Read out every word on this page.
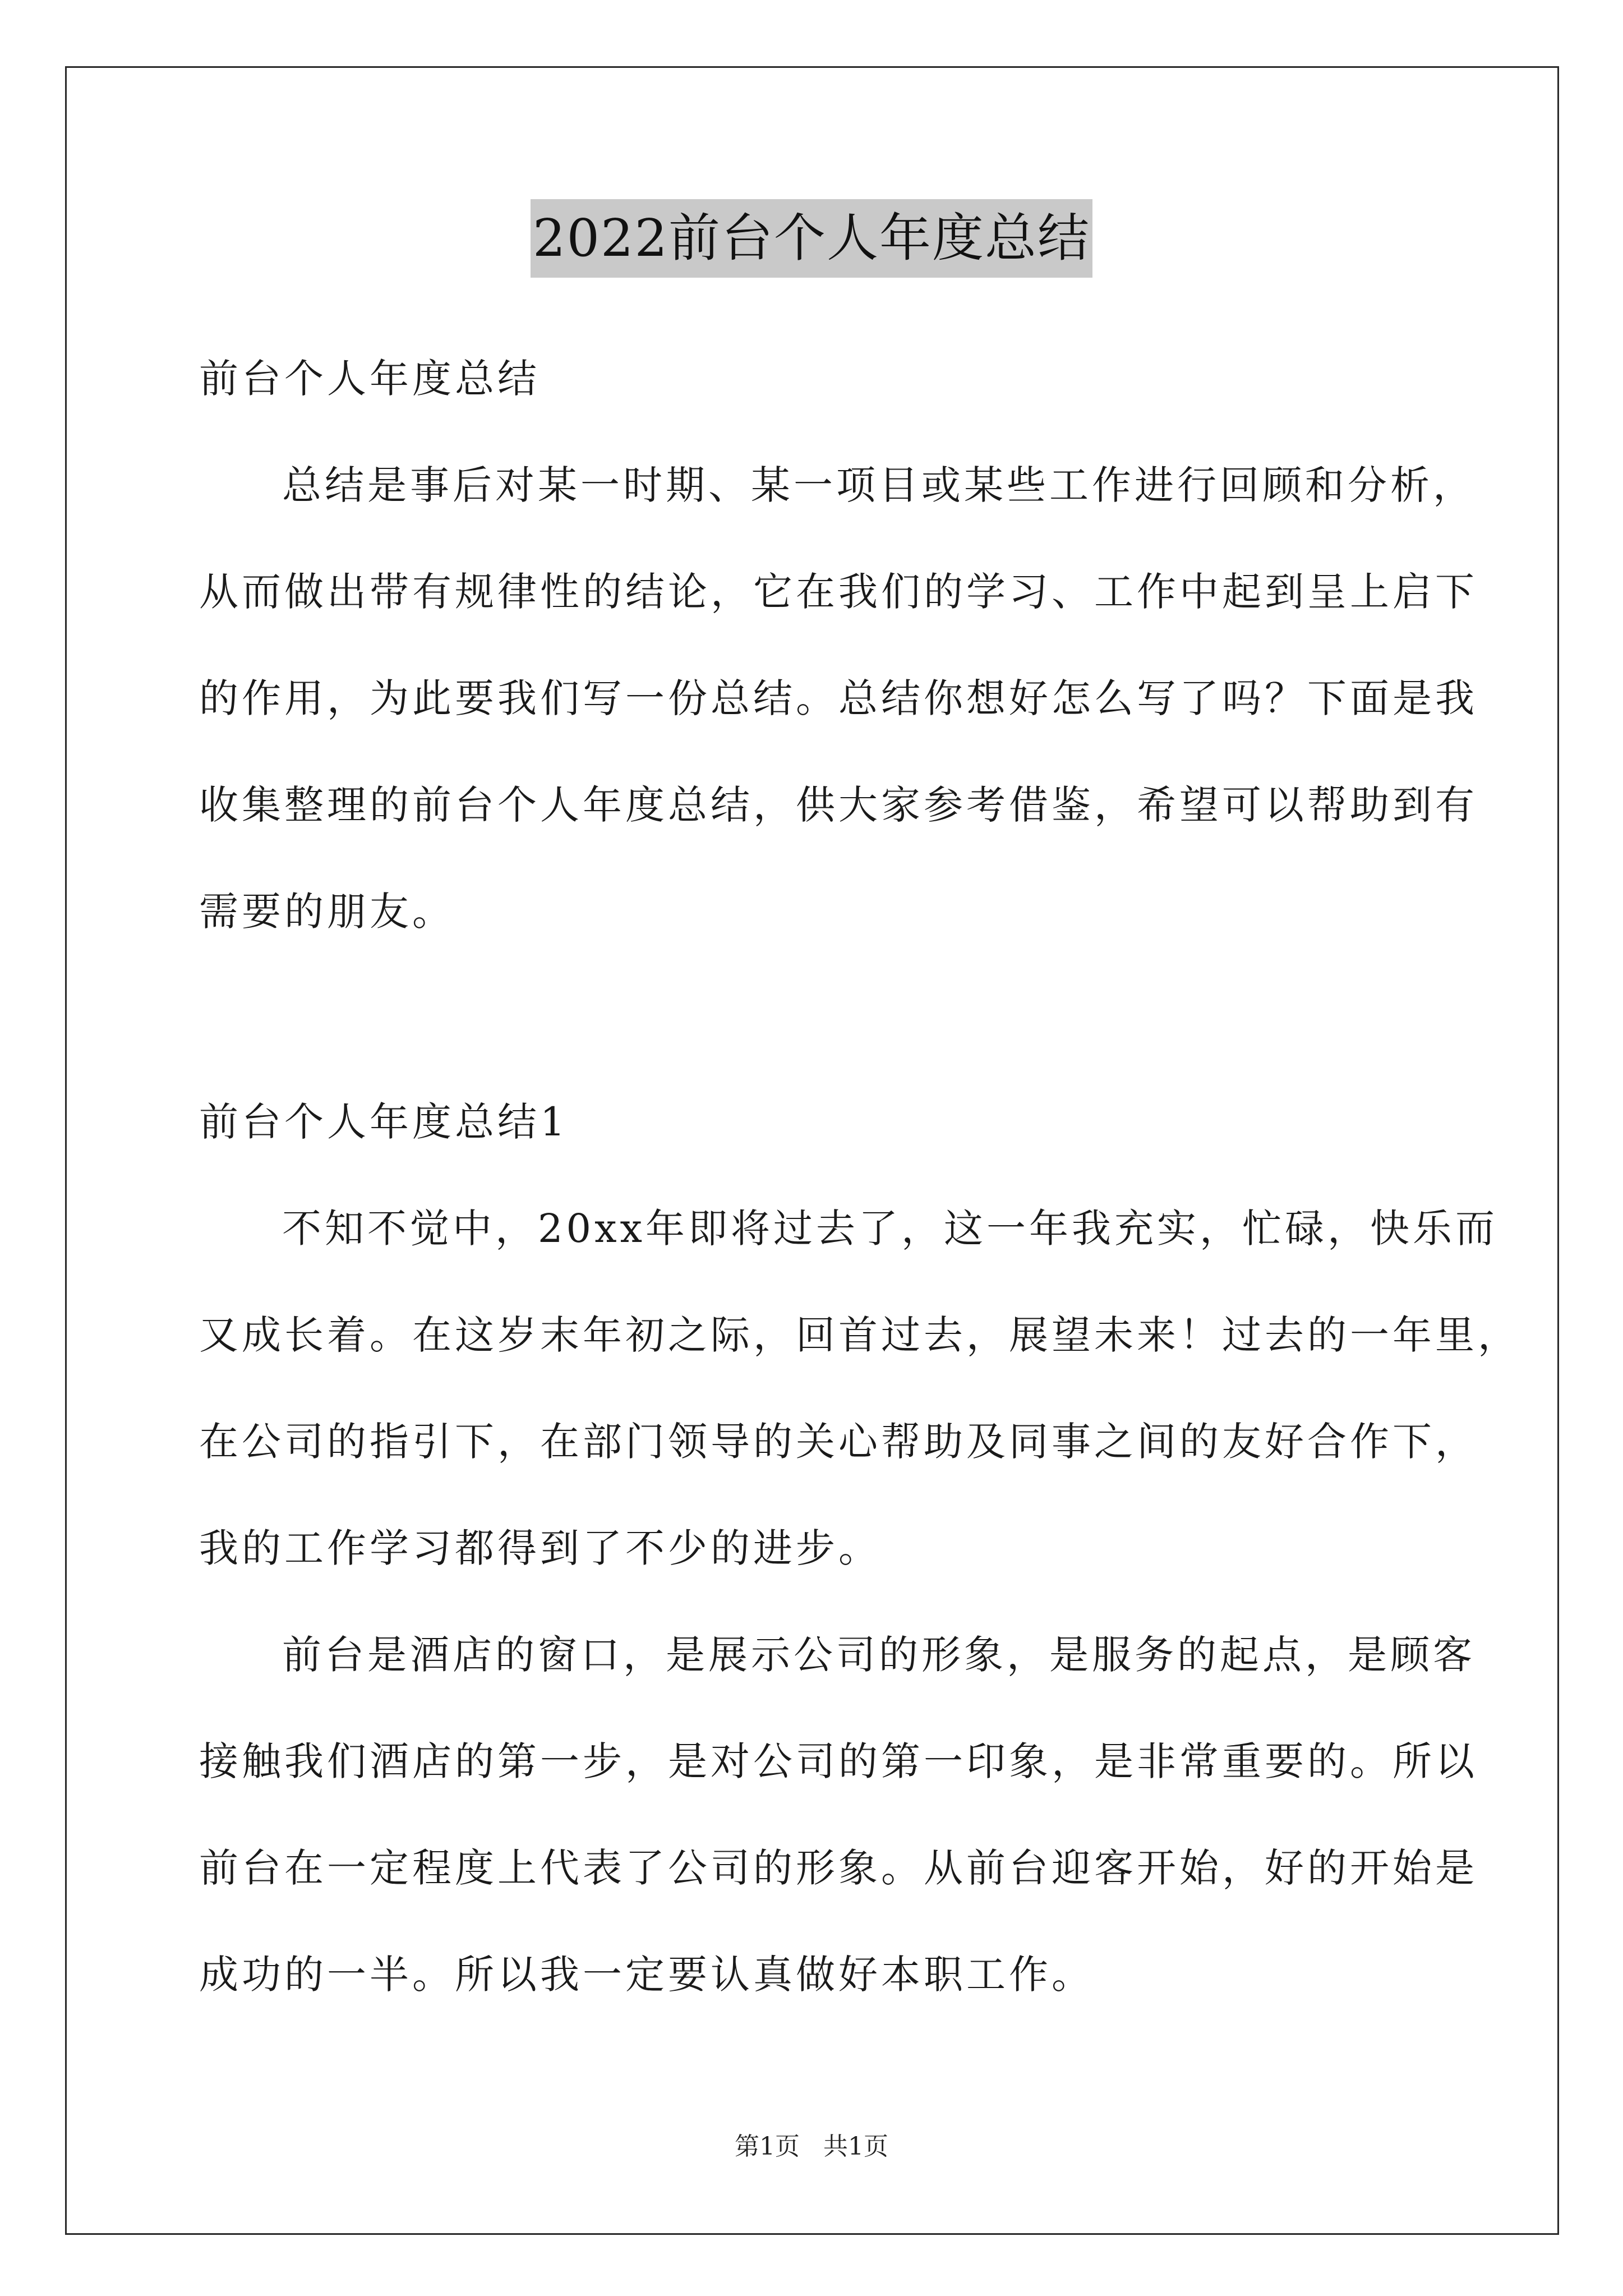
2022前台个人年度总结
前台个人年度总结
总结是事后对某一时期、某一项目或某些工作进行回顾和分析，
从而做出带有规律性的结论，它在我们的学习、工作中起到呈上启下
的作用，为此要我们写一份总结。总结你想好怎么写了吗？下面是我
收集整理的前台个人年度总结，供大家参考借鉴，希望可以帮助到有
需要的朋友。
前台个人年度总结1
不知不觉中，20xx年即将过去了，这一年我充实，忙碌，快乐而
又成长着。在这岁末年初之际，回首过去，展望未来！过去的一年里，
在公司的指引下，在部门领导的关心帮助及同事之间的友好合作下，
我的工作学习都得到了不少的进步。
前台是酒店的窗口，是展示公司的形象，是服务的起点，是顾客
接触我们酒店的第一步，是对公司的第一印象，是非常重要的。所以
前台在一定程度上代表了公司的形象。从前台迎客开始，好的开始是
成功的一半。所以我一定要认真做好本职工作。
第1页 共1页
